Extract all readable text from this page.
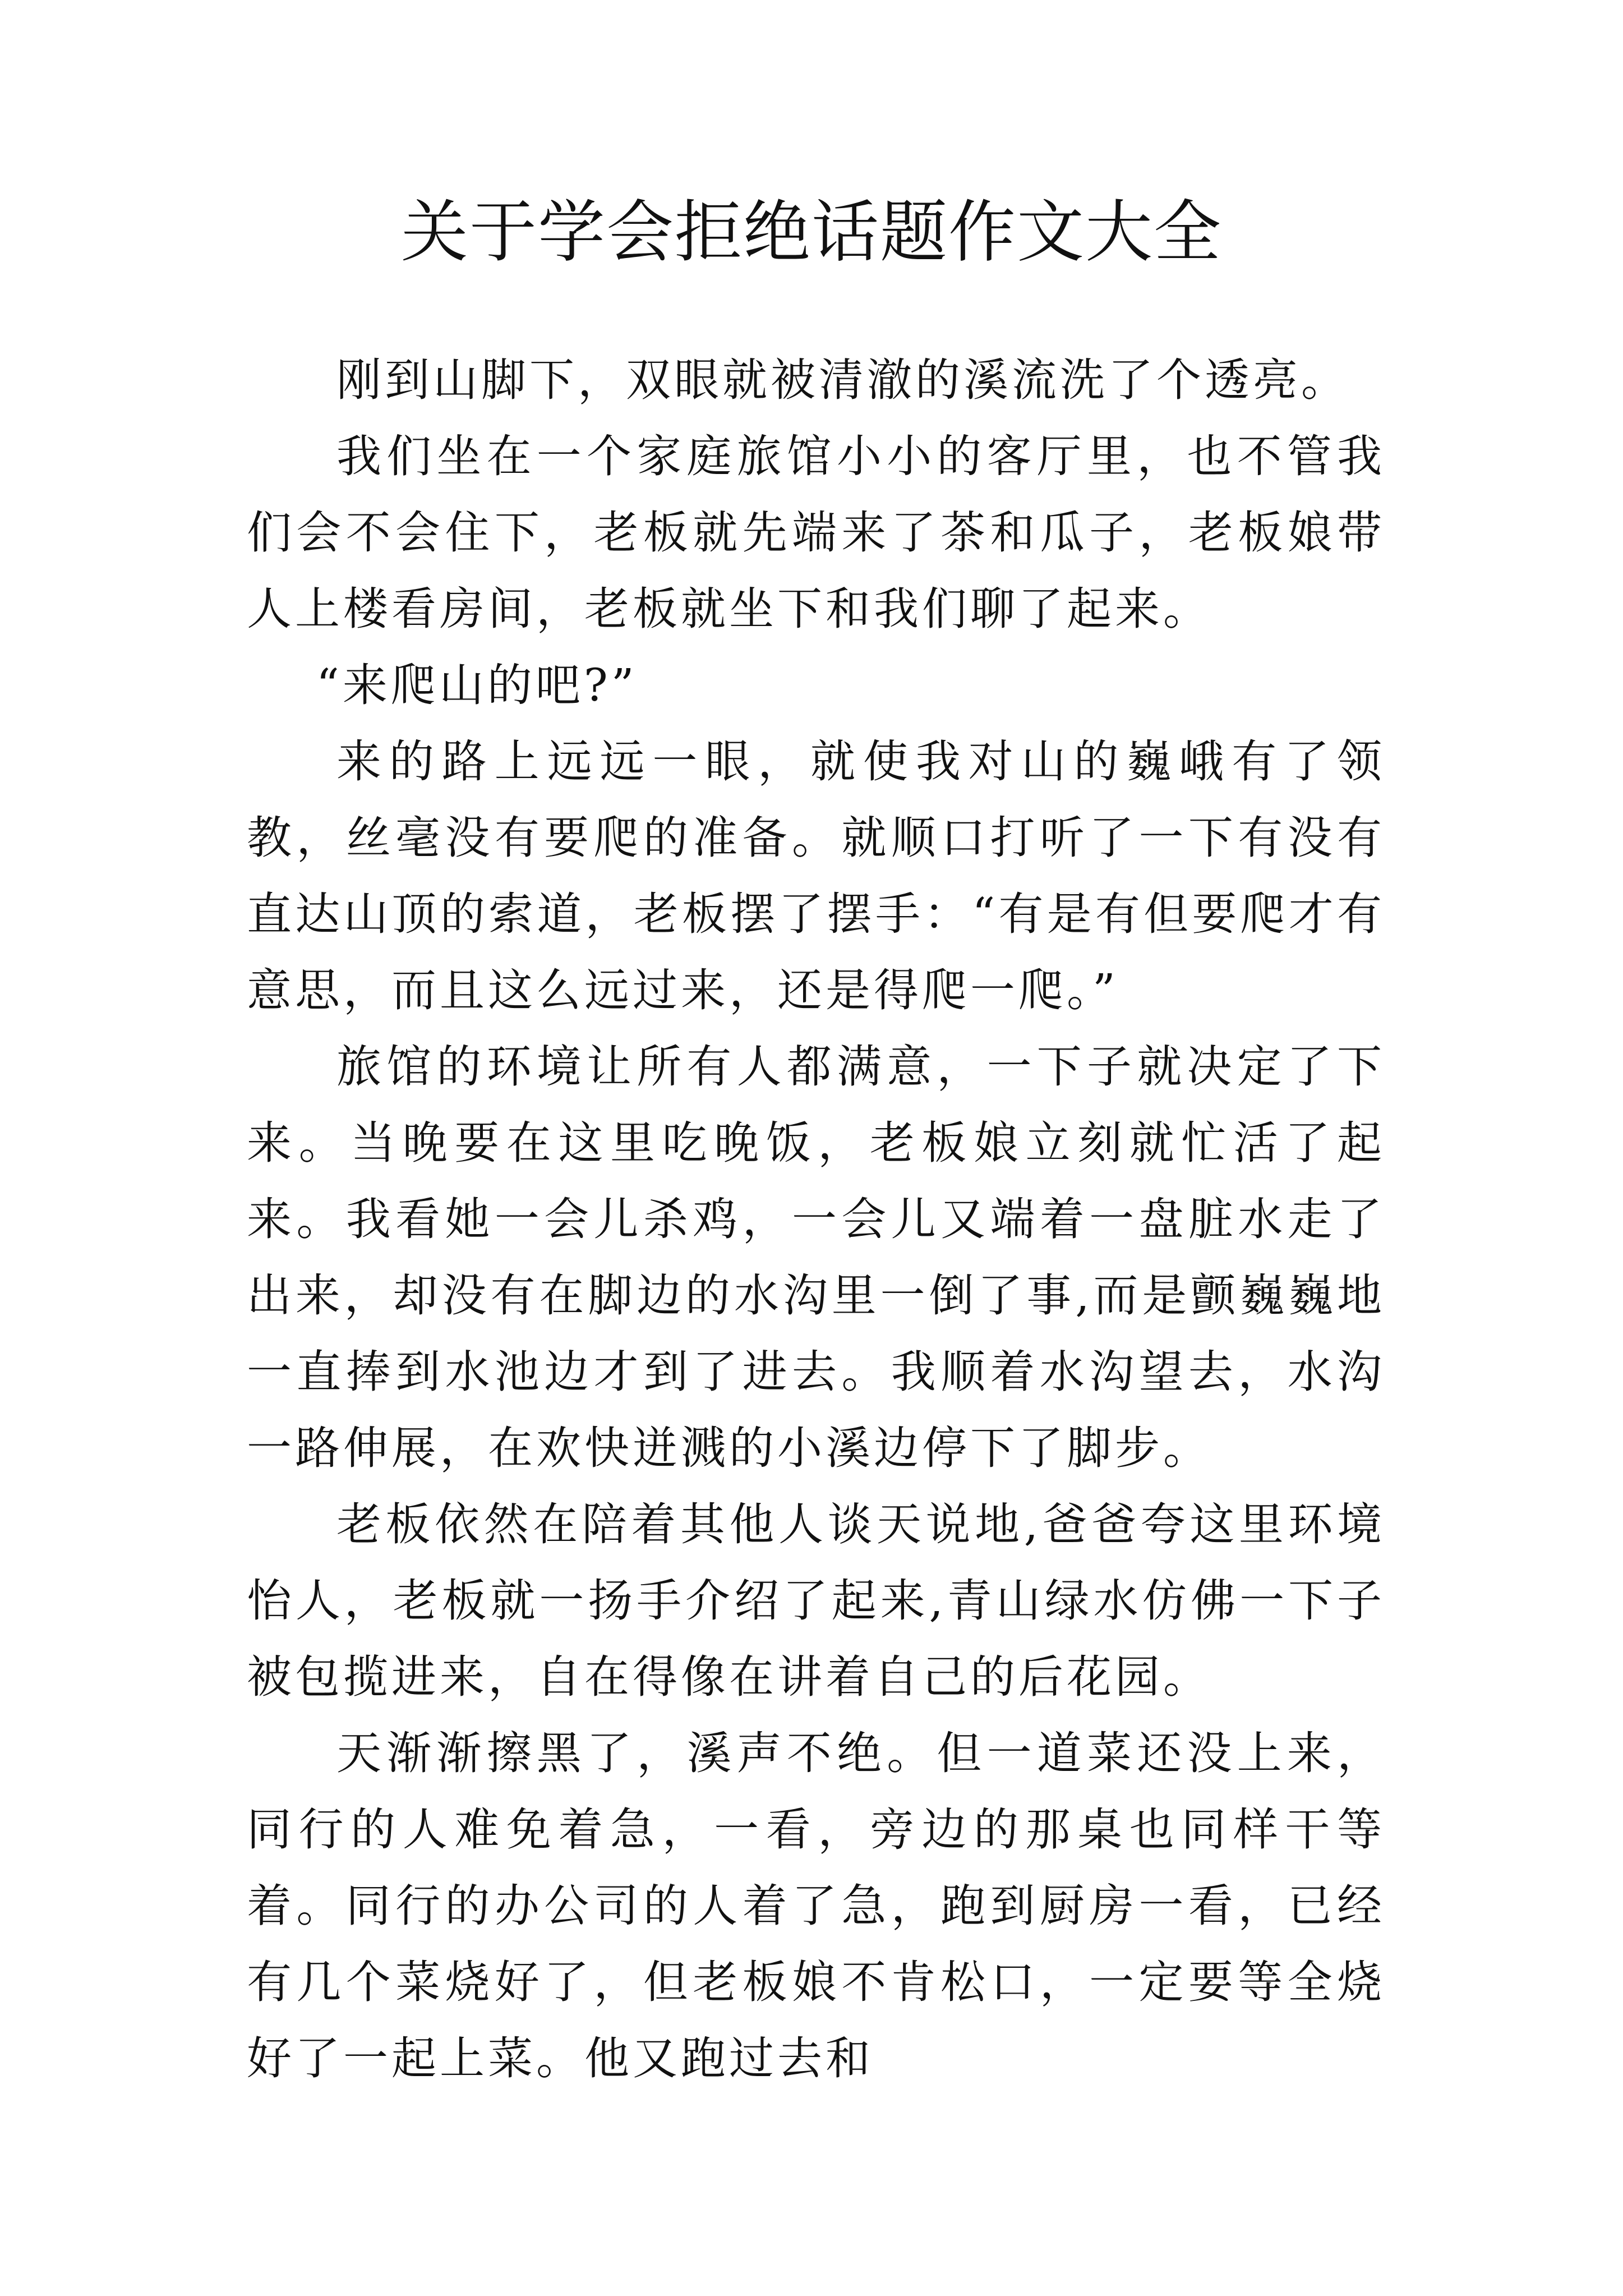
关于学会拒绝话题作文大全

刚到山脚下，双眼就被清澈的溪流洗了个透亮。

我们坐在一个家庭旅馆小小的客厅里，也不管我们会不会住下，老板就先端来了茶和瓜子，老板娘带人上楼看房间，老板就坐下和我们聊了起来。

“来爬山的吧?”

来的路上远远一眼，就使我对山的巍峨有了领教，丝毫没有要爬的准备。就顺口打听了一下有没有直达山顶的索道，老板摆了摆手：“有是有但要爬才有意思，而且这么远过来，还是得爬一爬。”

旅馆的环境让所有人都满意，一下子就决定了下来。当晚要在这里吃晚饭，老板娘立刻就忙活了起来。我看她一会儿杀鸡，一会儿又端着一盘脏水走了出来，却没有在脚边的水沟里一倒了事,而是颤巍巍地一直捧到水池边才到了进去。我顺着水沟望去，水沟一路伸展，在欢快迸溅的小溪边停下了脚步。

老板依然在陪着其他人谈天说地,爸爸夸这里环境怡人，老板就一扬手介绍了起来,青山绿水仿佛一下子被包揽进来，自在得像在讲着自己的后花园。

天渐渐擦黑了，溪声不绝。但一道菜还没上来，同行的人难免着急，一看，旁边的那桌也同样干等着。同行的办公司的人着了急，跑到厨房一看，已经有几个菜烧好了，但老板娘不肯松口，一定要等全烧好了一起上菜。他又跑过去和
